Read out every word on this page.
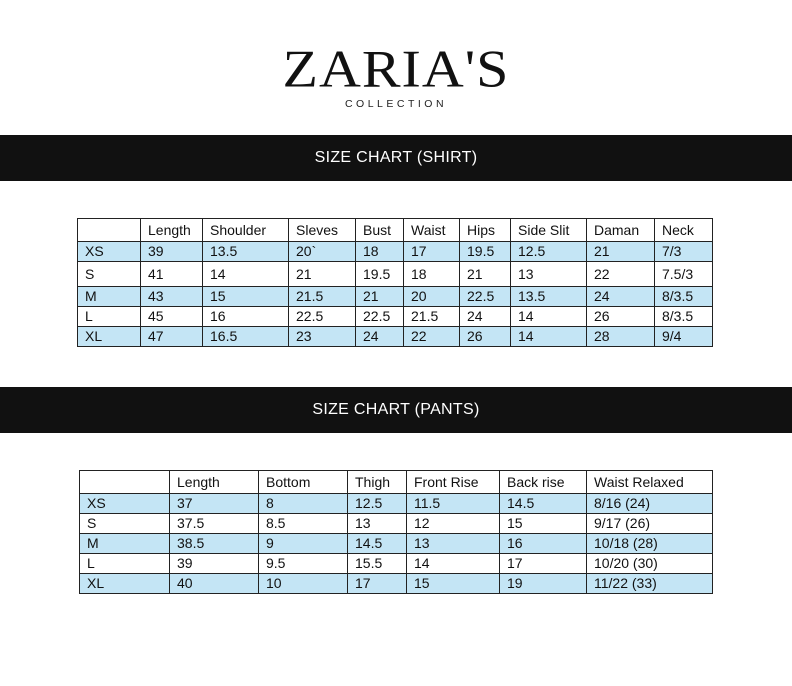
ZARIA'S
COLLECTION
SIZE CHART (SHIRT)
	Length	Shoulder	Sleves	Bust	Waist	Hips	Side Slit	Daman	Neck
XS	39	13.5	20`	18	17	19.5	12.5	21	7/3
S	41	14	21	19.5	18	21	13	22	7.5/3
M	43	15	21.5	21	20	22.5	13.5	24	8/3.5
L	45	16	22.5	22.5	21.5	24	14	26	8/3.5
XL	47	16.5	23	24	22	26	14	28	9/4
SIZE CHART (PANTS)
	Length	Bottom	Thigh	Front Rise	Back rise	Waist Relaxed
XS	37	8	12.5	11.5	14.5	8/16 (24)
S	37.5	8.5	13	12	15	9/17 (26)
M	38.5	9	14.5	13	16	10/18 (28)
L	39	9.5	15.5	14	17	10/20 (30)
XL	40	10	17	15	19	11/22 (33)
